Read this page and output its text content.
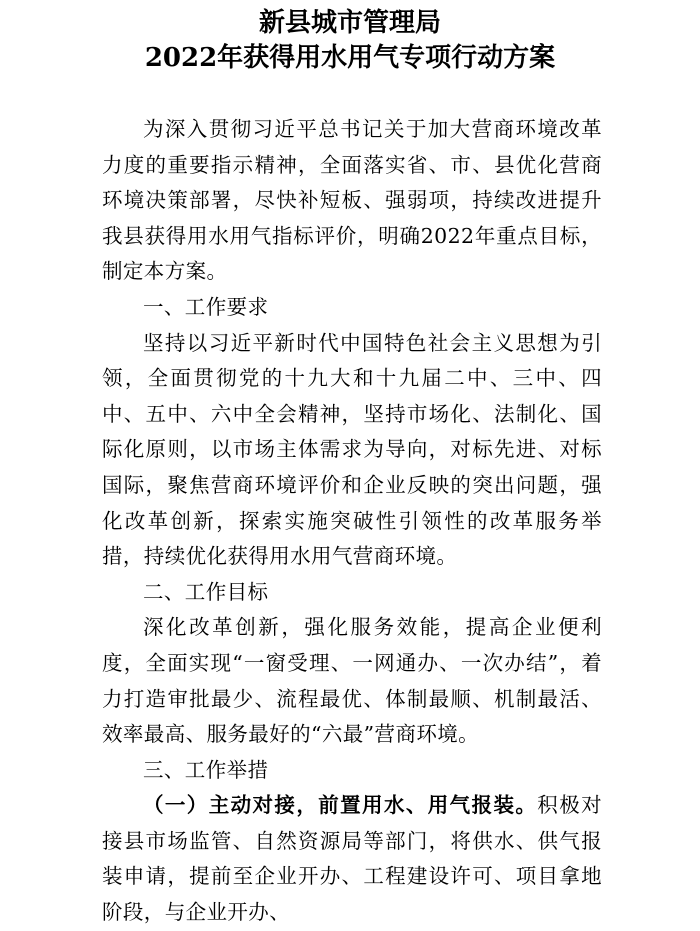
新县城市管理局
2022年获得用水用气专项行动方案

为深入贯彻习近平总书记关于加大营商环境改革力度的重要指示精神，全面落实省、市、县优化营商环境决策部署，尽快补短板、强弱项，持续改进提升我县获得用水用气指标评价，明确2022年重点目标，制定本方案。

一、工作要求

坚持以习近平新时代中国特色社会主义思想为引领，全面贯彻党的十九大和十九届二中、三中、四中、五中、六中全会精神，坚持市场化、法制化、国际化原则，以市场主体需求为导向，对标先进、对标国际，聚焦营商环境评价和企业反映的突出问题，强化改革创新，探索实施突破性引领性的改革服务举措，持续优化获得用水用气营商环境。

二、工作目标

深化改革创新，强化服务效能，提高企业便利度，全面实现“一窗受理、一网通办、一次办结”，着力打造审批最少、流程最优、体制最顺、机制最活、效率最高、服务最好的“六最”营商环境。

三、工作举措

（一）主动对接，前置用水、用气报装。积极对接县市场监管、自然资源局等部门，将供水、供气报装申请，提前至企业开办、工程建设许可、项目拿地阶段，与企业开办、
